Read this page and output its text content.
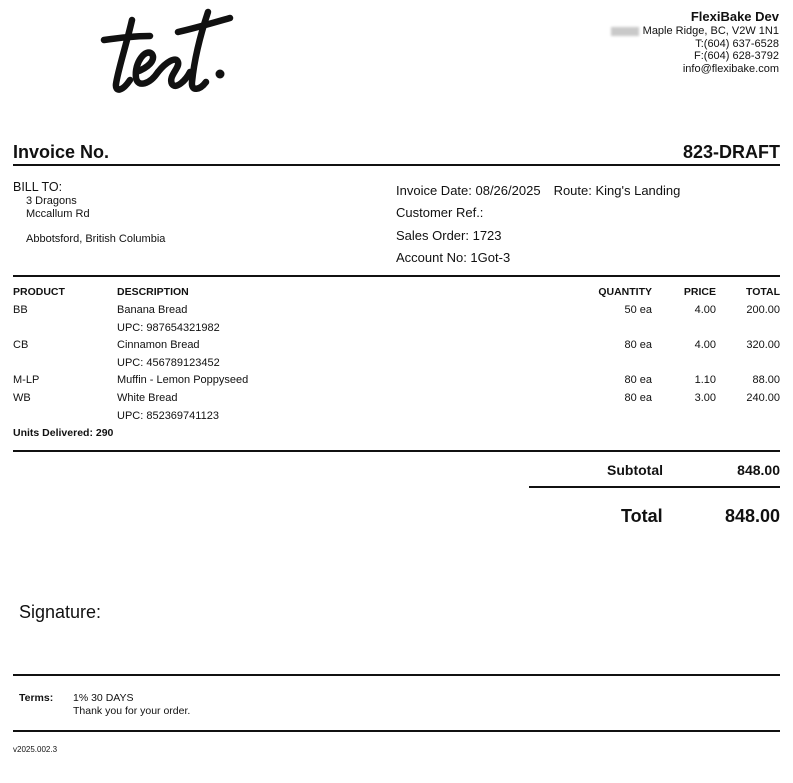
FlexiBake Dev
Maple Ridge, BC, V2W 1N1
T:(604) 637-6528
F:(604) 628-3792
info@flexibake.com
Invoice No.	823-DRAFT
BILL TO:
3 Dragons
Mccallum Rd
Abbotsford, British Columbia
Invoice Date: 08/26/2025 Route: King's Landing
Customer Ref.:
Sales Order: 1723
Account No: 1Got-3
PRODUCT	DESCRIPTION	QUANTITY	PRICE	TOTAL
BB	Banana Bread	50 ea	4.00	200.00
UPC: 987654321982
CB	Cinnamon Bread	80 ea	4.00	320.00
UPC: 456789123452
M-LP	Muffin - Lemon Poppyseed	80 ea	1.10	88.00
WB	White Bread	80 ea	3.00	240.00
UPC: 852369741123
Units Delivered: 290
Subtotal	848.00
Total	848.00
Signature:
Terms: 1% 30 DAYS
Thank you for your order.
v2025.002.3
